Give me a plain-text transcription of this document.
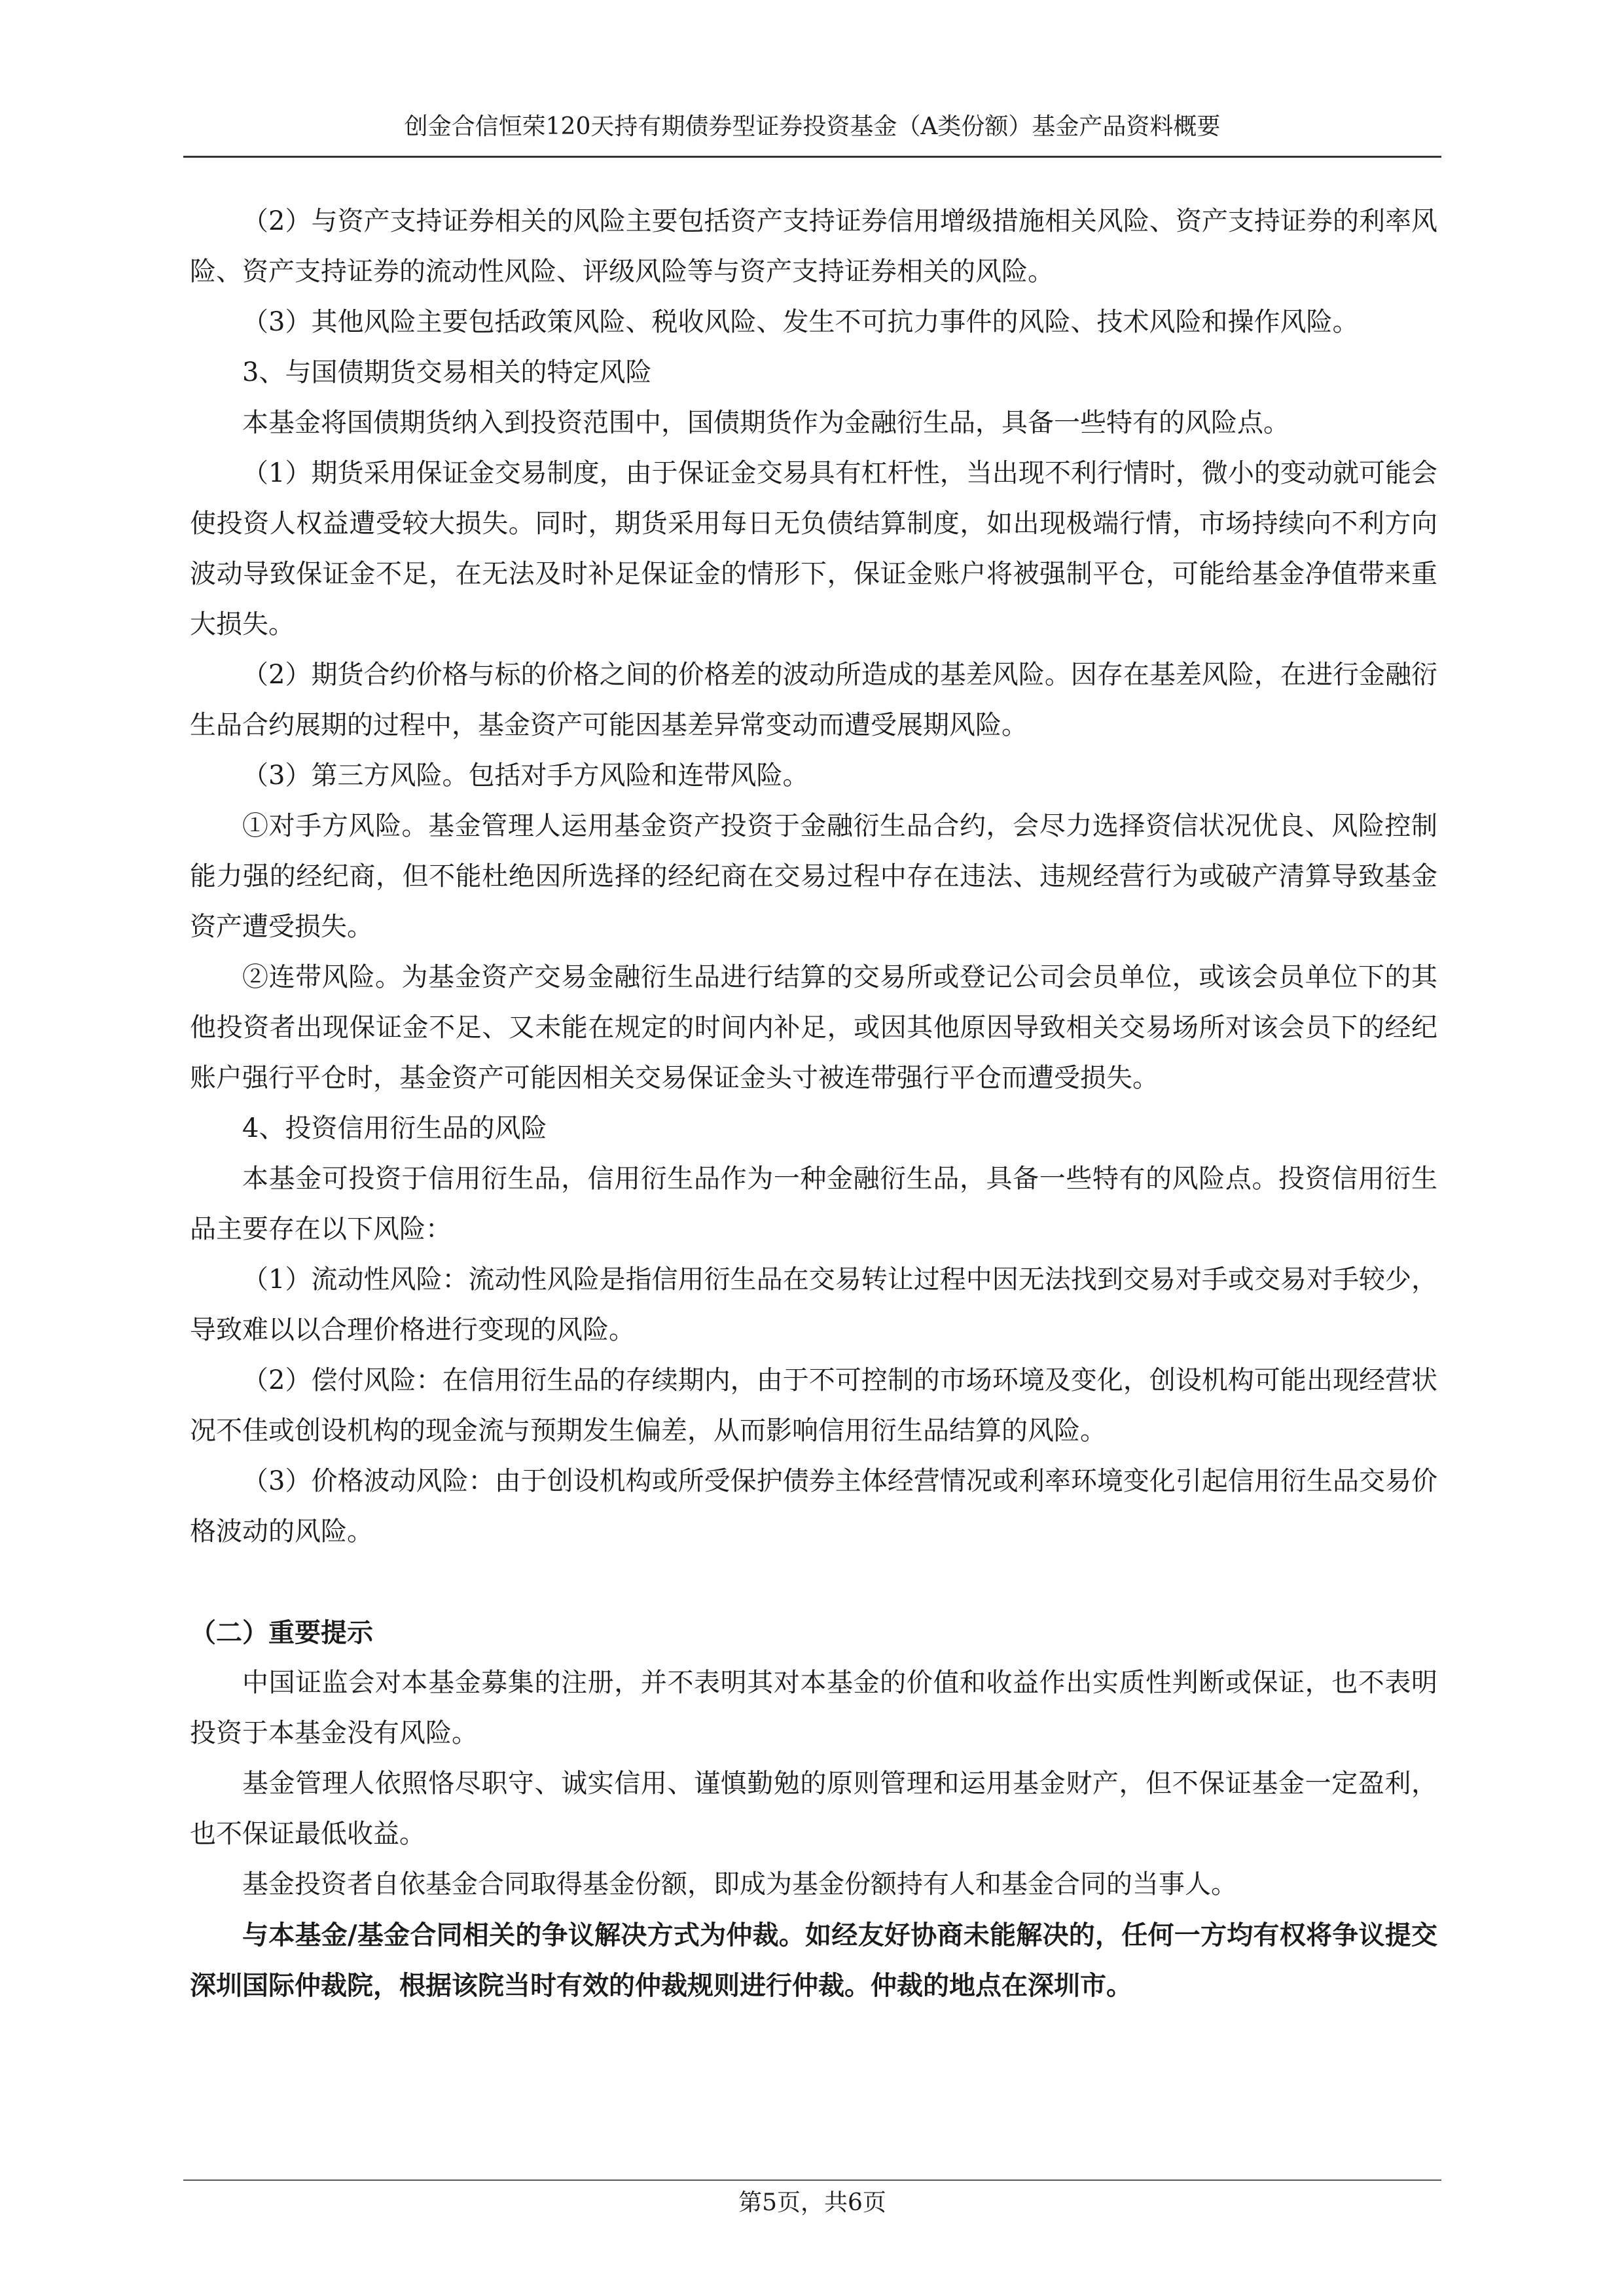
创金合信恒荣120天持有期债券型证券投资基金（A类份额）基金产品资料概要

（2）与资产支持证券相关的风险主要包括资产支持证券信用增级措施相关风险、资产支持证券的利率风险、资产支持证券的流动性风险、评级风险等与资产支持证券相关的风险。

（3）其他风险主要包括政策风险、税收风险、发生不可抗力事件的风险、技术风险和操作风险。

3、与国债期货交易相关的特定风险

本基金将国债期货纳入到投资范围中，国债期货作为金融衍生品，具备一些特有的风险点。

（1）期货采用保证金交易制度，由于保证金交易具有杠杆性，当出现不利行情时，微小的变动就可能会使投资人权益遭受较大损失。同时，期货采用每日无负债结算制度，如出现极端行情，市场持续向不利方向波动导致保证金不足，在无法及时补足保证金的情形下，保证金账户将被强制平仓，可能给基金净值带来重大损失。

（2）期货合约价格与标的价格之间的价格差的波动所造成的基差风险。因存在基差风险，在进行金融衍生品合约展期的过程中，基金资产可能因基差异常变动而遭受展期风险。

（3）第三方风险。包括对手方风险和连带风险。

①对手方风险。基金管理人运用基金资产投资于金融衍生品合约，会尽力选择资信状况优良、风险控制能力强的经纪商，但不能杜绝因所选择的经纪商在交易过程中存在违法、违规经营行为或破产清算导致基金资产遭受损失。

②连带风险。为基金资产交易金融衍生品进行结算的交易所或登记公司会员单位，或该会员单位下的其他投资者出现保证金不足、又未能在规定的时间内补足，或因其他原因导致相关交易场所对该会员下的经纪账户强行平仓时，基金资产可能因相关交易保证金头寸被连带强行平仓而遭受损失。

4、投资信用衍生品的风险

本基金可投资于信用衍生品，信用衍生品作为一种金融衍生品，具备一些特有的风险点。投资信用衍生品主要存在以下风险：

（1）流动性风险：流动性风险是指信用衍生品在交易转让过程中因无法找到交易对手或交易对手较少，导致难以以合理价格进行变现的风险。

（2）偿付风险：在信用衍生品的存续期内，由于不可控制的市场环境及变化，创设机构可能出现经营状况不佳或创设机构的现金流与预期发生偏差，从而影响信用衍生品结算的风险。

（3）价格波动风险：由于创设机构或所受保护债券主体经营情况或利率环境变化引起信用衍生品交易价格波动的风险。

（二）重要提示

中国证监会对本基金募集的注册，并不表明其对本基金的价值和收益作出实质性判断或保证，也不表明投资于本基金没有风险。

基金管理人依照恪尽职守、诚实信用、谨慎勤勉的原则管理和运用基金财产，但不保证基金一定盈利，也不保证最低收益。

基金投资者自依基金合同取得基金份额，即成为基金份额持有人和基金合同的当事人。

与本基金/基金合同相关的争议解决方式为仲裁。如经友好协商未能解决的，任何一方均有权将争议提交深圳国际仲裁院，根据该院当时有效的仲裁规则进行仲裁。仲裁的地点在深圳市。

第5页，共6页
